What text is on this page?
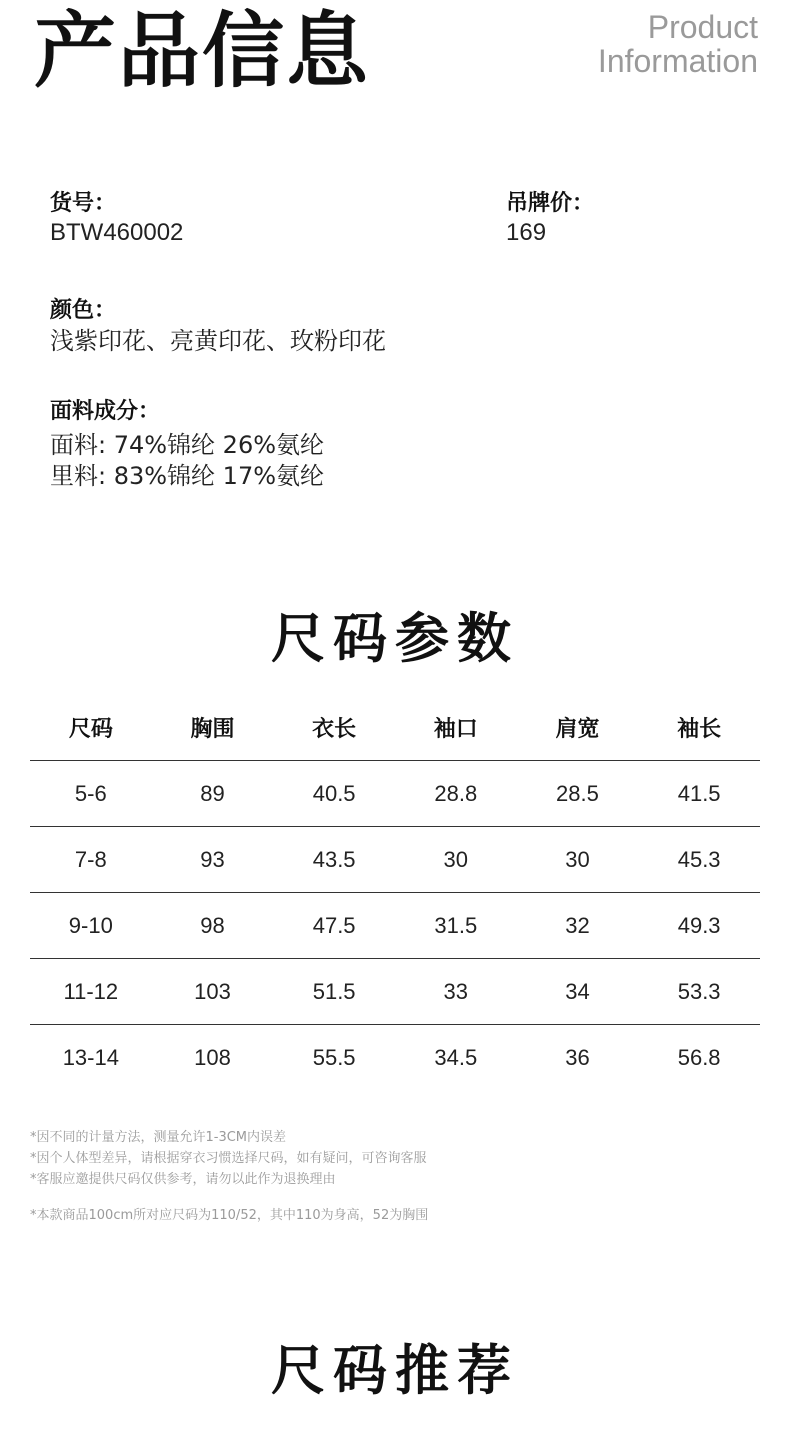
产品信息	Product
Information
货号：
BTW460002
吊牌价：
169
颜色：
浅紫印花、亮黄印花、玫粉印花
面料成分：
面料: 74%锦纶 26%氨纶
里料: 83%锦纶 17%氨纶
尺码参数
尺码	胸围	衣长	袖口	肩宽	袖长
5-6	89	40.5	28.8	28.5	41.5
7-8	93	43.5	30	30	45.3
9-10	98	47.5	31.5	32	49.3
11-12	103	51.5	33	34	53.3
13-14	108	55.5	34.5	36	56.8
*因不同的计量方法，测量允许1-3CM内误差
*因个人体型差异，请根据穿衣习惯选择尺码，如有疑问，可咨询客服
*客服应邀提供尺码仅供参考，请勿以此作为退换理由
*本款商品100cm所对应尺码为110/52，其中110为身高，52为胸围
尺码推荐
